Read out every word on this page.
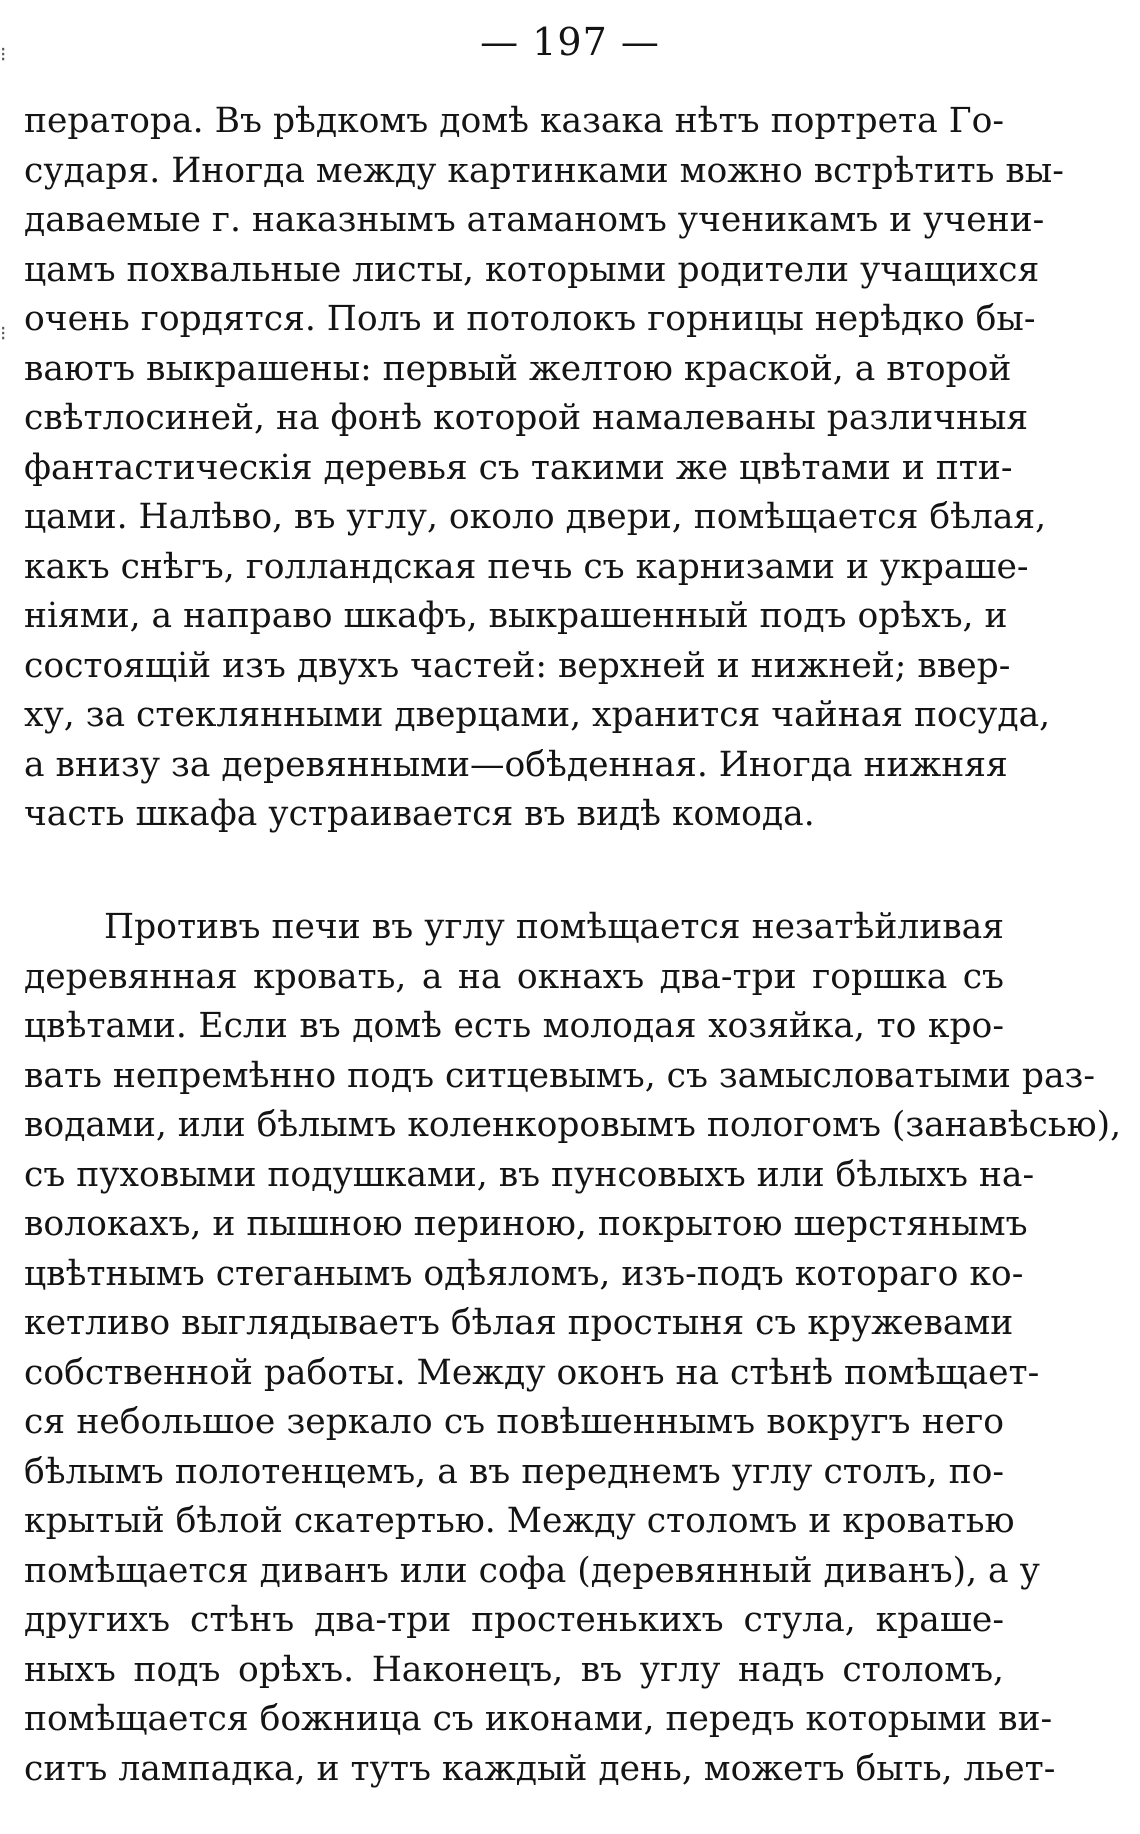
⁝
⁝
— 197 —
ператора. Въ рѣдкомъ домѣ казака нѣтъ портрета Го-
сударя. Иногда между картинками можно встрѣтить вы-
даваемые г. наказнымъ атаманомъ ученикамъ и учени-
цамъ похвальные листы, которыми родители учащихся
очень гордятся. Полъ и потолокъ горницы нерѣдко бы-
ваютъ выкрашены: первый желтою краской, а второй
свѣтлосиней, на фонѣ которой намалеваны различныя
фантастическія деревья съ такими же цвѣтами и пти-
цами. Налѣво, въ углу, около двери, помѣщается бѣлая,
какъ снѣгъ, голландская печь съ карнизами и украше-
ніями, а направо шкафъ, выкрашенный подъ орѣхъ, и
состоящій изъ двухъ частей: верхней и нижней; ввер-
ху, за стеклянными дверцами, хранится чайная посуда,
а внизу за деревянными—обѣденная. Иногда нижняя
часть шкафа устраивается въ видѣ комода.
Противъ печи въ углу помѣщается незатѣйливая
деревянная кровать, а на окнахъ два-три горшка съ
цвѣтами. Если въ домѣ есть молодая хозяйка, то кро-
вать непремѣнно подъ ситцевымъ, съ замысловатыми раз-
водами, или бѣлымъ коленкоровымъ пологомъ (занавѣсью),
съ пуховыми подушками, въ пунсовыхъ или бѣлыхъ на-
волокахъ, и пышною периною, покрытою шерстянымъ
цвѣтнымъ стеганымъ одѣяломъ, изъ-подъ котораго ко-
кетливо выглядываетъ бѣлая простыня съ кружевами
собственной работы. Между оконъ на стѣнѣ помѣщает-
ся небольшое зеркало съ повѣшеннымъ вокругъ него
бѣлымъ полотенцемъ, а въ переднемъ углу столъ, по-
крытый бѣлой скатертью. Между столомъ и кроватью
помѣщается диванъ или софа (деревянный диванъ), а у
другихъ стѣнъ два-три простенькихъ стула, краше-
ныхъ подъ орѣхъ. Наконецъ, въ углу надъ столомъ,
помѣщается божница съ иконами, передъ которыми ви-
ситъ лампадка, и тутъ каждый день, можетъ быть, льет-
